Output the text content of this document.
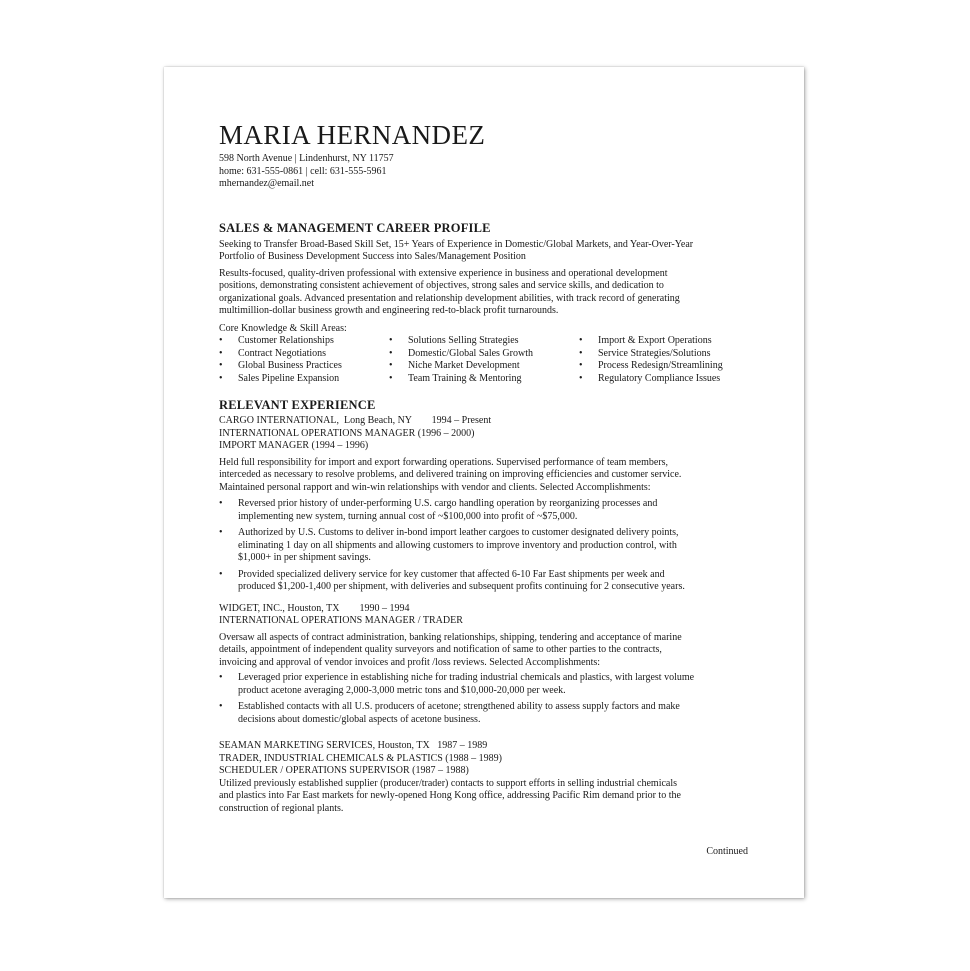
MARIA HERNANDEZ
598 North Avenue | Lindenhurst, NY 11757
home: 631-555-0861 | cell: 631-555-5961
mhernandez@email.net
SALES & MANAGEMENT CAREER PROFILE

Seeking to Transfer Broad-Based Skill Set, 15+ Years of Experience in Domestic/Global Markets, and Year-Over-Year

Portfolio of Business Development Success into Sales/Management Position

Results-focused, quality-driven professional with extensive experience in business and operational development

positions, demonstrating consistent achievement of objectives, strong sales and service skills, and dedication to

organizational goals. Advanced presentation and relationship development abilities, with track record of generating

multimillion-dollar business growth and engineering red-to-black profit turnarounds.

Core Knowledge & Skill Areas:

• Customer Relationships
• Contract Negotiations
• Global Business Practices
• Sales Pipeline Expansion
• Solutions Selling Strategies
• Domestic/Global Sales Growth
• Niche Market Development
• Team Training & Mentoring
• Import & Export Operations
• Service Strategies/Solutions
• Process Redesign/Streamlining
• Regulatory Compliance Issues
RELEVANT EXPERIENCE

CARGO INTERNATIONAL,  Long Beach, NY        1994 – Present

INTERNATIONAL OPERATIONS MANAGER (1996 – 2000)

IMPORT MANAGER (1994 – 1996)

Held full responsibility for import and export forwarding operations. Supervised performance of team members,

interceded as necessary to resolve problems, and delivered training on improving efficiencies and customer service.

Maintained personal rapport and win-win relationships with vendor and clients. Selected Accomplishments:

• Reversed prior history of under-performing U.S. cargo handling operation by reorganizing processes and
implementing new system, turning annual cost of ~$100,000 into profit of ~$75,000.
• Authorized by U.S. Customs to deliver in-bond import leather cargoes to customer designated delivery points,
eliminating 1 day on all shipments and allowing customers to improve inventory and production control, with
$1,000+ in per shipment savings.
• Provided specialized delivery service for key customer that affected 6-10 Far East shipments per week and
produced $1,200-1,400 per shipment, with deliveries and subsequent profits continuing for 2 consecutive years.

WIDGET, INC., Houston, TX        1990 – 1994

INTERNATIONAL OPERATIONS MANAGER / TRADER

Oversaw all aspects of contract administration, banking relationships, shipping, tendering and acceptance of marine

details, appointment of independent quality surveyors and notification of same to other parties to the contracts,

invoicing and approval of vendor invoices and profit /loss reviews. Selected Accomplishments:

• Leveraged prior experience in establishing niche for trading industrial chemicals and plastics, with largest volume
product acetone averaging 2,000-3,000 metric tons and $10,000-20,000 per week.
• Established contacts with all U.S. producers of acetone; strengthened ability to assess supply factors and make
decisions about domestic/global aspects of acetone business.

SEAMAN MARKETING SERVICES, Houston, TX   1987 – 1989

TRADER, INDUSTRIAL CHEMICALS & PLASTICS (1988 – 1989)

SCHEDULER / OPERATIONS SUPERVISOR (1987 – 1988)

Utilized previously established supplier (producer/trader) contacts to support efforts in selling industrial chemicals

and plastics into Far East markets for newly-opened Hong Kong office, addressing Pacific Rim demand prior to the

construction of regional plants.

Continued
